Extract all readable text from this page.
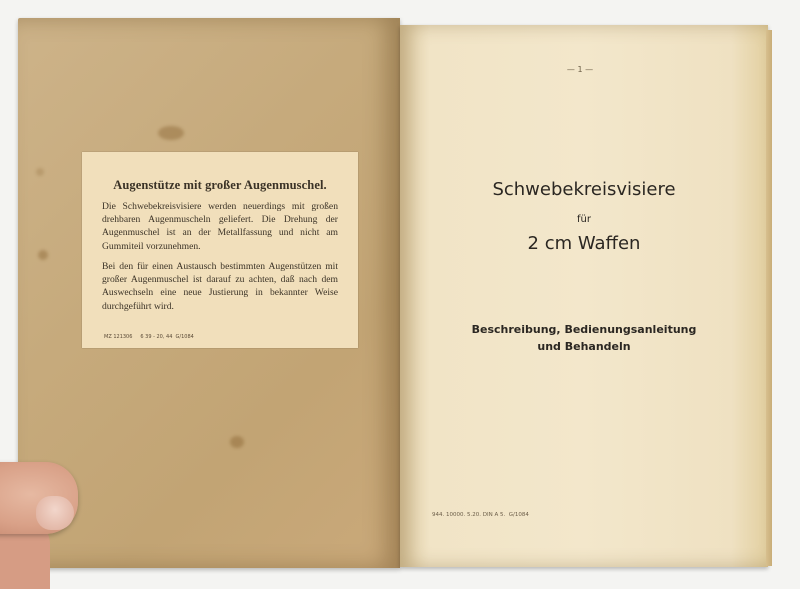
Augenstütze mit großer Augenmuschel.
Die Schwebekreisvisiere werden neuerdings mit großen drehbaren Augenmuscheln geliefert. Die Drehung der Augenmuschel ist an der Metallfassung und nicht am Gummiteil vorzunehmen.
Bei den für einen Austausch bestimmten Augenstützen mit großer Augenmuschel ist darauf zu achten, daß nach dem Auswechseln eine neue Justierung in bekannter Weise durchgeführt wird.
MZ 121306     6 39 - 20, 44  G/1084
— 1 —
Schwebekreisvisiere
für
2 cm Waffen
Beschreibung, Bedienungsanleitung
und Behandeln
944. 10000. 5.20. DIN A 5.  G/1084
